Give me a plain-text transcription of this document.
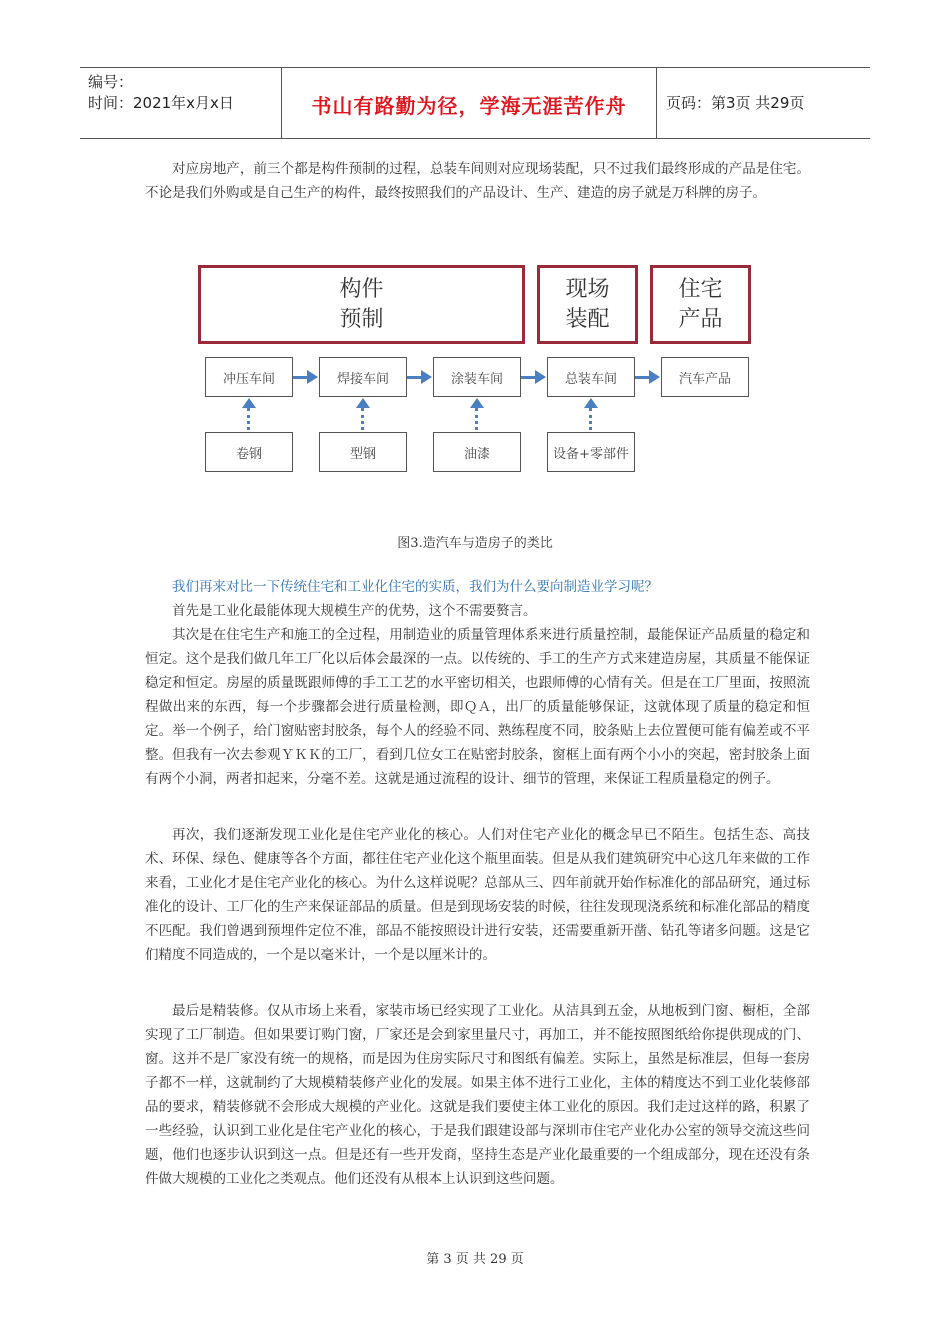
编号：
时间：2021年x月x日	书山有路勤为径，学海无涯苦作舟	页码：第3页 共29页
对应房地产，前三个都是构件预制的过程，总装车间则对应现场装配，只不过我们最终形成的产品是住宅。不论是我们外购或是自己生产的构件，最终按照我们的产品设计、生产、建造的房子就是万科牌的房子。
构件
预制
现场
装配
住宅
产品
冲压车间	焊接车间	涂装车间	总装车间	汽车产品
卷钢	型钢	油漆	设备+零部件
图3.造汽车与造房子的类比
我们再来对比一下传统住宅和工业化住宅的实质，我们为什么要向制造业学习呢？
首先是工业化最能体现大规模生产的优势，这个不需要赘言。
其次是在住宅生产和施工的全过程，用制造业的质量管理体系来进行质量控制，最能保证产品质量的稳定和恒定。这个是我们做几年工厂化以后体会最深的一点。以传统的、手工的生产方式来建造房屋，其质量不能保证稳定和恒定。房屋的质量既跟师傅的手工工艺的水平密切相关，也跟师傅的心情有关。但是在工厂里面，按照流程做出来的东西，每一个步骤都会进行质量检测，即ＱＡ，出厂的质量能够保证，这就体现了质量的稳定和恒定。举一个例子，给门窗贴密封胶条，每个人的经验不同、熟练程度不同，胶条贴上去位置便可能有偏差或不平整。但我有一次去参观ＹＫＫ的工厂，看到几位女工在贴密封胶条，窗框上面有两个小小的突起，密封胶条上面有两个小洞，两者扣起来，分毫不差。这就是通过流程的设计、细节的管理，来保证工程质量稳定的例子。
再次，我们逐渐发现工业化是住宅产业化的核心。人们对住宅产业化的概念早已不陌生。包括生态、高技术、环保、绿色、健康等各个方面，都往住宅产业化这个瓶里面装。但是从我们建筑研究中心这几年来做的工作来看，工业化才是住宅产业化的核心。为什么这样说呢？总部从三、四年前就开始作标准化的部品研究，通过标准化的设计、工厂化的生产来保证部品的质量。但是到现场安装的时候，往往发现现浇系统和标准化部品的精度不匹配。我们曾遇到预埋件定位不准，部品不能按照设计进行安装，还需要重新开凿、钻孔等诸多问题。这是它们精度不同造成的，一个是以毫米计，一个是以厘米计的。
最后是精装修。仅从市场上来看，家装市场已经实现了工业化。从洁具到五金，从地板到门窗、橱柜，全部实现了工厂制造。但如果要订购门窗，厂家还是会到家里量尺寸，再加工，并不能按照图纸给你提供现成的门、窗。这并不是厂家没有统一的规格，而是因为住房实际尺寸和图纸有偏差。实际上，虽然是标准层，但每一套房子都不一样，这就制约了大规模精装修产业化的发展。如果主体不进行工业化，主体的精度达不到工业化装修部品的要求，精装修就不会形成大规模的产业化。这就是我们要使主体工业化的原因。我们走过这样的路，积累了一些经验，认识到工业化是住宅产业化的核心，于是我们跟建设部与深圳市住宅产业化办公室的领导交流这些问题，他们也逐步认识到这一点。但是还有一些开发商，坚持生态是产业化最重要的一个组成部分，现在还没有条件做大规模的工业化之类观点。他们还没有从根本上认识到这些问题。
第 3 页 共 29 页
